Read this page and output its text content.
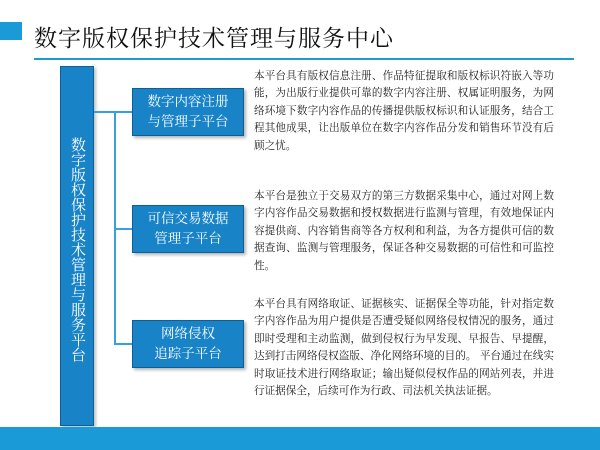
数字版权保护技术管理与服务中心
数字版权保护技术管理与服务平台
数字内容注册
与管理子平台
本平台具有版权信息注册、作品特征提取和版权标识符嵌入等功能，为出版行业提供可靠的数字内容注册、权属证明服务，为网络环境下数字内容作品的传播提供版权标识和认证服务，结合工程其他成果，让出版单位在数字内容作品分发和销售环节没有后顾之忧。
可信交易数据
管理子平台
本平台是独立于交易双方的第三方数据采集中心，通过对网上数字内容作品交易数据和授权数据进行监测与管理，有效地保证内容提供商、内容销售商等各方权利和利益，为各方提供可信的数据查询、监测与管理服务，保证各种交易数据的可信性和可监控性。
网络侵权
追踪子平台
本平台具有网络取证、证据核实、证据保全等功能，针对指定数字内容作品为用户提供是否遭受疑似网络侵权情况的服务，通过即时受理和主动监测，做到侵权行为早发现、早报告、早提醒，达到打击网络侵权盗版、净化网络环境的目的。 平台通过在线实时取证技术进行网络取证；输出疑似侵权作品的网站列表，并进行证据保全，后续可作为行政、司法机关执法证据。
